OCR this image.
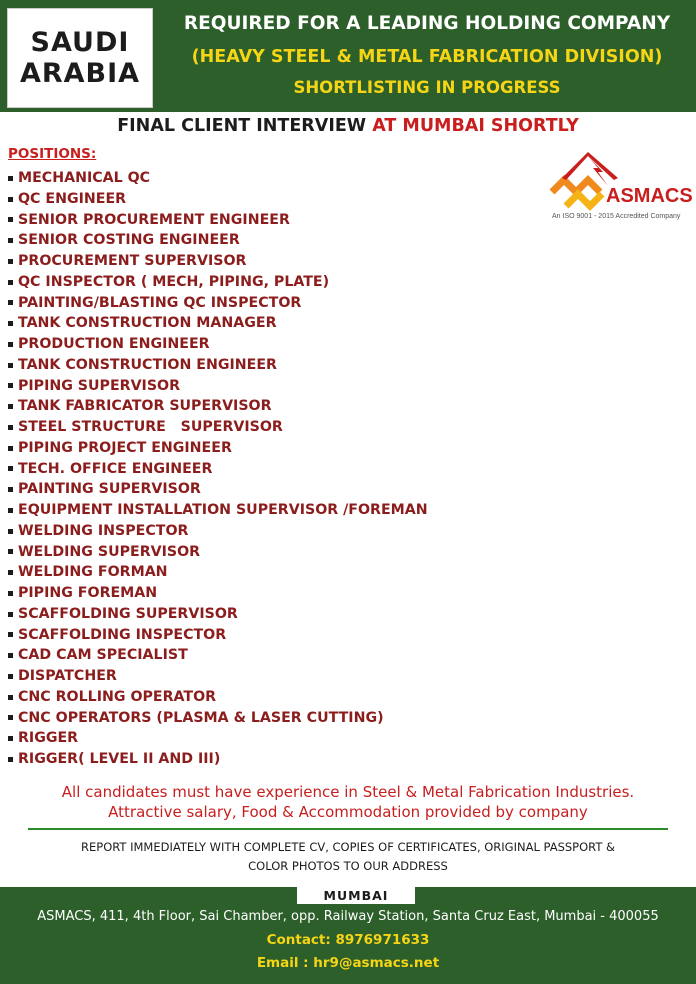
SAUDI
ARABIA
REQUIRED FOR A LEADING HOLDING COMPANY
(HEAVY STEEL & METAL FABRICATION DIVISION)
SHORTLISTING IN PROGRESS
FINAL CLIENT INTERVIEW AT MUMBAI SHORTLY
POSITIONS:
ASMACS
An ISO 9001 - 2015 Accredited Company
MECHANICAL QC
QC ENGINEER
SENIOR PROCUREMENT ENGINEER
SENIOR COSTING ENGINEER
PROCUREMENT SUPERVISOR
QC INSPECTOR ( MECH, PIPING, PLATE)
PAINTING/BLASTING QC INSPECTOR
TANK CONSTRUCTION MANAGER
PRODUCTION ENGINEER
TANK CONSTRUCTION ENGINEER
PIPING SUPERVISOR
TANK FABRICATOR SUPERVISOR
STEEL STRUCTURE   SUPERVISOR
PIPING PROJECT ENGINEER
TECH. OFFICE ENGINEER
PAINTING SUPERVISOR
EQUIPMENT INSTALLATION SUPERVISOR /FOREMAN
WELDING INSPECTOR
WELDING SUPERVISOR
WELDING FORMAN
PIPING FOREMAN
SCAFFOLDING SUPERVISOR
SCAFFOLDING INSPECTOR
CAD CAM SPECIALIST
DISPATCHER
CNC ROLLING OPERATOR
CNC OPERATORS (PLASMA & LASER CUTTING)
RIGGER
RIGGER( LEVEL II AND III)
All candidates must have experience in Steel & Metal Fabrication Industries.
Attractive salary, Food & Accommodation provided by company
REPORT IMMEDIATELY WITH COMPLETE CV, COPIES OF CERTIFICATES, ORIGINAL PASSPORT &
COLOR PHOTOS TO OUR ADDRESS
MUMBAI
ASMACS, 411, 4th Floor, Sai Chamber, opp. Railway Station, Santa Cruz East, Mumbai - 400055
Contact: 8976971633
Email : hr9@asmacs.net
